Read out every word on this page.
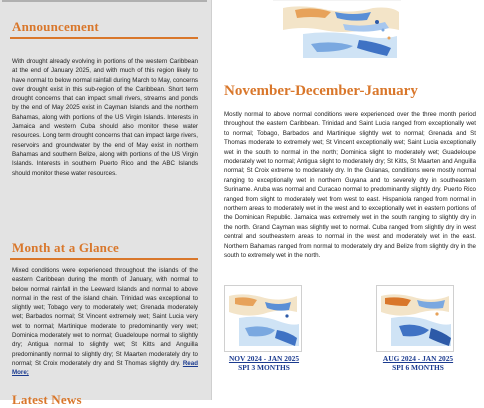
Announcement
With drought already evolving in portions of the western Caribbean at the end of January 2025, and with much of this region likely to have normal to below normal rainfall during March to May, concerns over drought exist in this sub-region of the Caribbean. Short term drought concerns that can impact small rivers, streams and ponds by the end of May 2025 exist in Cayman Islands and the northern Bahamas, along with portions of the US Virgin Islands. Interests in Jamaica and western Cuba should also monitor these water resources. Long term drought concerns that can impact large rivers, reservoirs and groundwater by the end of May exist in northern Bahamas and southern Belize, along with portions of the US Virgin Islands. Interests in southern Puerto Rico and the ABC Islands should monitor these water resources.
Month at a Glance
Mixed conditions were experienced throughout the islands of the eastern Caribbean during the month of January, with normal to below normal rainfall in the Leeward Islands and normal to above normal in the rest of the island chain. Trinidad was exceptional to slightly wet; Tobago very to moderately wet; Grenada moderately wet; Barbados normal; St Vincent extremely wet; Saint Lucia very wet to normal; Martinique moderate to predominantly very wet; Dominica moderately wet to normal; Guadeloupe normal to slightly dry; Antigua normal to slightly wet; St Kitts and Anguilla predominantly normal to slightly dry; St Maarten moderately dry to normal; St Croix moderately dry and St Thomas slightly dry. Read More;
Latest News
November-December-January
Mostly normal to above normal conditions were experienced over the three month period throughout the eastern Caribbean. Trinidad and Saint Lucia ranged from exceptionally wet to normal; Tobago, Barbados and Martinique slightly wet to normal; Grenada and St Thomas moderate to extremely wet; St Vincent exceptionally wet; Saint Lucia exceptionally wet in the south to normal in the north; Dominica slight to moderately wet; Guadeloupe moderately wet to normal; Antigua slight to moderately dry; St Kitts, St Maarten and Anguilla normal; St Croix extreme to moderately dry. In the Guianas, conditions were mostly normal ranging to exceptionally wet in northern Guyana and to severely dry in southeastern Suriname. Aruba was normal and Curacao normal to predominantly slightly dry. Puerto Rico ranged from slight to moderately wet from west to east. Hispaniola ranged from normal in northern areas to moderately wet in the west and to exceptionally wet in eastern portions of the Dominican Republic. Jamaica was extremely wet in the south ranging to slightly dry in the north. Grand Cayman was slightly wet to normal. Cuba ranged from slightly dry in west central and southeastern areas to normal in the west and moderately wet in the east. Northern Bahamas ranged from normal to moderately dry and Belize from slightly dry in the south to extremely wet in the north.
NOV 2024 - JAN 2025
SPI 3 MONTHS
AUG 2024 - JAN 2025
SPI 6 MONTHS
